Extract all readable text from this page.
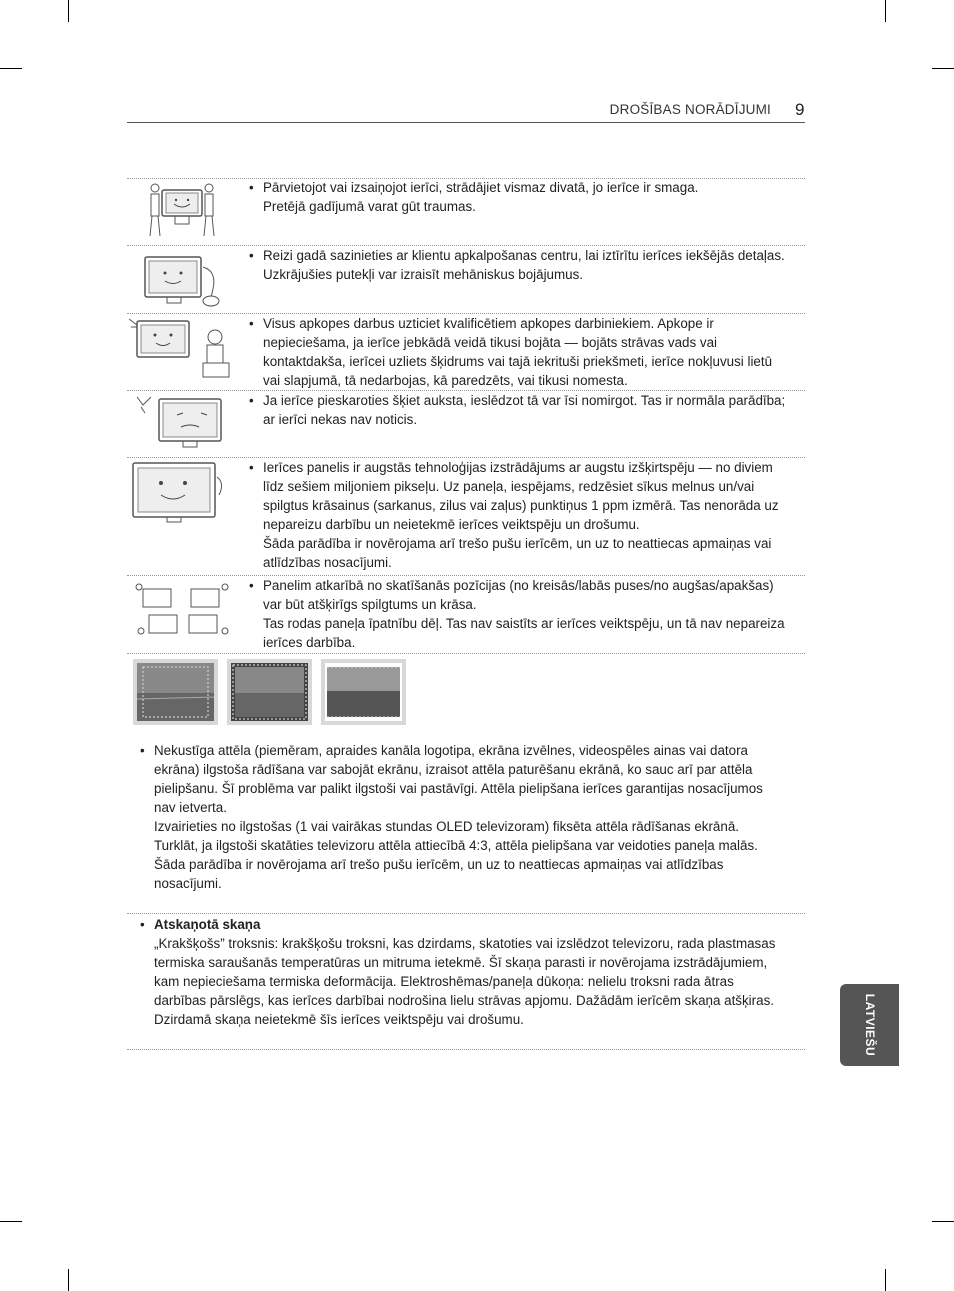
DROŠĪBAS NORĀDĪJUMI 9

• Pārvietojot vai izsaiņojot ierīci, strādājiet vismaz divatā, jo ierīce ir smaga.

Pretējā gadījumā varat gūt traumas.

• Reizi gadā sazinieties ar klientu apkalpošanas centru, lai iztīrītu ierīces iekšējās detaļas.

Uzkrājušies putekļi var izraisīt mehāniskus bojājumus.

• Visus apkopes darbus uzticiet kvalificētiem apkopes darbiniekiem. Apkope ir nepieciešama, ja ierīce jebkādā veidā tikusi bojāta — bojāts strāvas vads vai kontaktdakša, ierīcei uzliets šķidrums vai tajā iekrituši priekšmeti, ierīce nokļuvusi lietū vai slapjumā, tā nedarbojas, kā paredzēts, vai tikusi nomesta.

• Ja ierīce pieskaroties šķiet auksta, ieslēdzot tā var īsi nomirgot. Tas ir normāla parādība; ar ierīci nekas nav noticis.

• Ierīces panelis ir augstās tehnoloģijas izstrādājums ar augstu izšķirtspēju — no diviem līdz sešiem miljoniem pikseļu. Uz paneļa, iespējams, redzēsiet sīkus melnus un/vai spilgtus krāsainus (sarkanus, zilus vai zaļus) punktiņus 1 ppm izmērā. Tas nenorāda uz nepareizu darbību un neietekmē ierīces veiktspēju un drošumu.

Šāda parādība ir novērojama arī trešo pušu ierīcēm, un uz to neattiecas apmaiņas vai atlīdzības nosacījumi.

• Panelim atkarībā no skatīšanās pozīcijas (no kreisās/labās puses/no augšas/apakšas) var būt atšķirīgs spilgtums un krāsa.

Tas rodas paneļa īpatnību dēļ. Tas nav saistīts ar ierīces veiktspēju, un tā nav nepareiza ierīces darbība.

• Nekustīga attēla (piemēram, apraides kanāla logotipa, ekrāna izvēlnes, videospēles ainas vai datora ekrāna) ilgstoša rādīšana var sabojāt ekrānu, izraisot attēla paturēšanu ekrānā, ko sauc arī par attēla pielipšanu. Šī problēma var palikt ilgstoši vai pastāvīgi. Attēla pielipšana ierīces garantijas nosacījumos nav ietverta.

Izvairieties no ilgstošas (1 vai vairākas stundas OLED televizoram) fiksēta attēla rādīšanas ekrānā. Turklāt, ja ilgstoši skatāties televizoru attēla attiecībā 4:3, attēla pielipšana var veidoties paneļa malās.

Šāda parādība ir novērojama arī trešo pušu ierīcēm, un uz to neattiecas apmaiņas vai atlīdzības nosacījumi.

• Atskaņotā skaņa

„Krakšķošs” troksnis: krakšķošu troksni, kas dzirdams, skatoties vai izslēdzot televizoru, rada plastmasas termiska saraušanās temperatūras un mitruma ietekmē. Šī skaņa parasti ir novērojama izstrādājumiem, kam nepieciešama termiska deformācija. Elektroshēmas/paneļa dūkoņa: nelielu troksni rada ātras darbības pārslēgs, kas ierīces darbībai nodrošina lielu strāvas apjomu. Dažādām ierīcēm skaņa atšķiras.

Dzirdamā skaņa neietekmē šīs ierīces veiktspēju vai drošumu.	LATVIEŠU
